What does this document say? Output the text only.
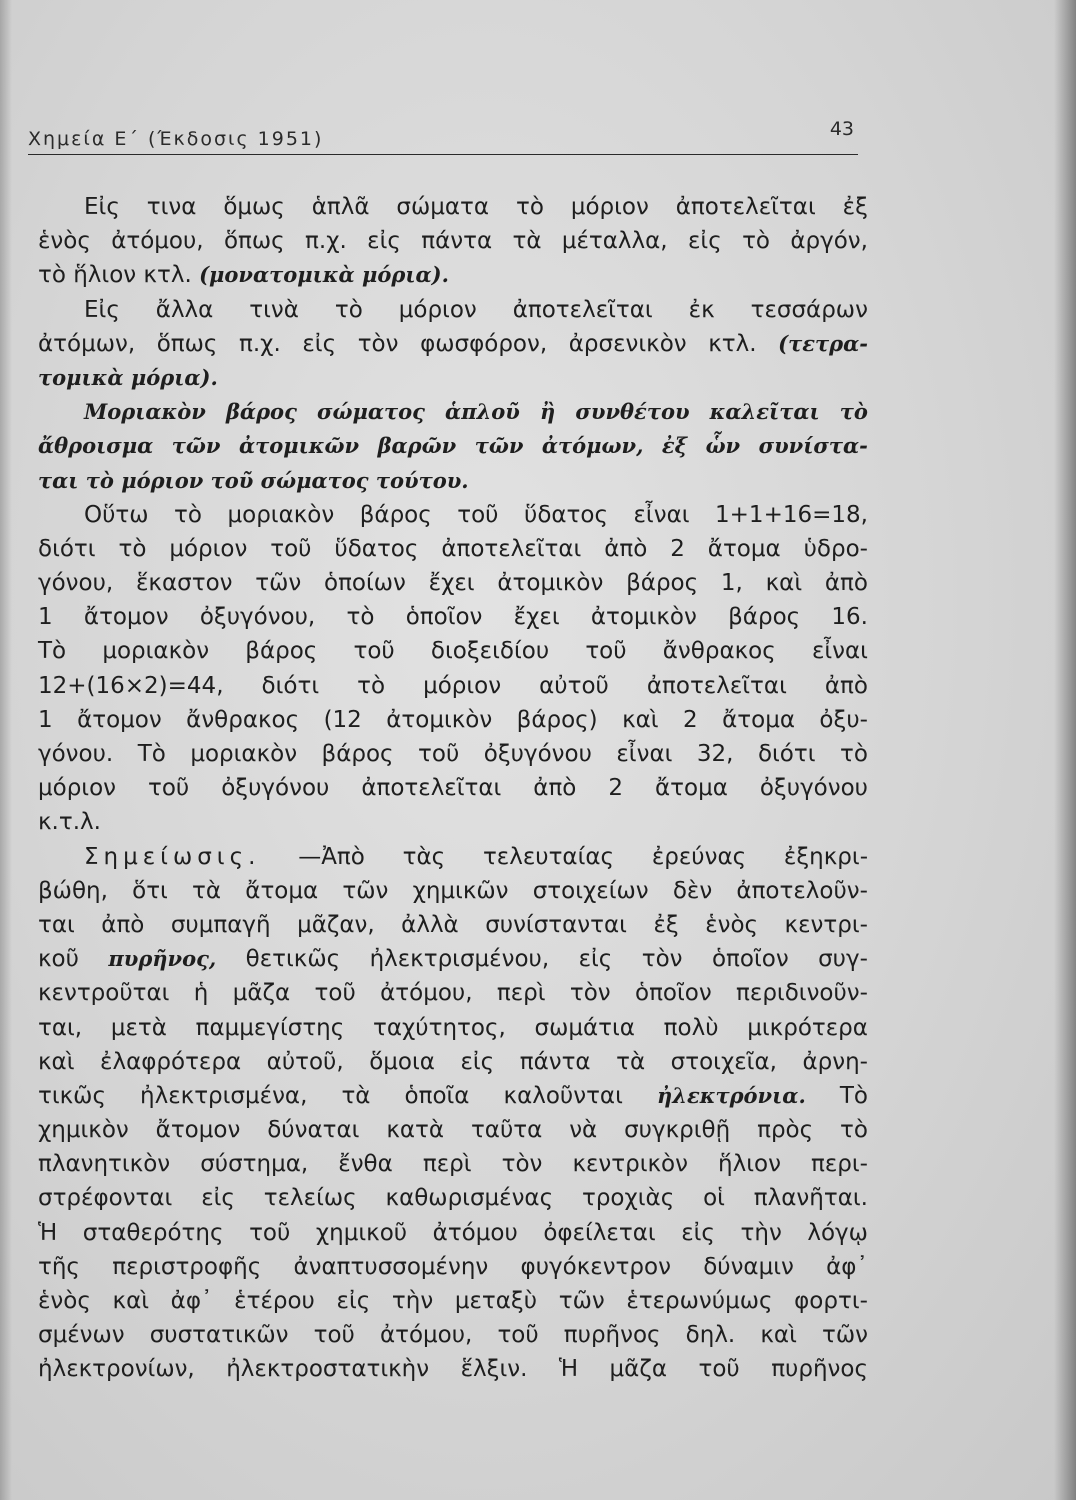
Χημεία Ε΄ (Έκδοσις 1951)	43
Εἰς τινα ὅμως ἁπλᾶ σώματα τὸ μόριον ἀποτελεῖται ἐξ
ἑνὸς ἀτόμου, ὅπως π.χ. εἰς πάντα τὰ μέταλλα, εἰς τὸ ἀργόν,
τὸ ἥλιον κτλ. (μονατομικὰ μόρια).
Εἰς ἄλλα τινὰ τὸ μόριον ἀποτελεῖται ἐκ τεσσάρων
ἀτόμων, ὅπως π.χ. εἰς τὸν φωσφόρον, ἀρσενικὸν κτλ. (τετρα-
τομικὰ μόρια).
Μοριακὸν βάρος σώματος ἁπλοῦ ἢ συνθέτου καλεῖται τὸ
ἄθροισμα τῶν ἀτομικῶν βαρῶν τῶν ἀτόμων, ἐξ ὧν συνίστα-
ται τὸ μόριον τοῦ σώματος τούτου.
Οὕτω τὸ μοριακὸν βάρος τοῦ ὕδατος εἶναι 1+1+16=18,
διότι τὸ μόριον τοῦ ὕδατος ἀποτελεῖται ἀπὸ 2 ἄτομα ὑδρο-
γόνου, ἕκαστον τῶν ὁποίων ἔχει ἀτομικὸν βάρος 1, καὶ ἀπὸ
1 ἄτομον ὀξυγόνου, τὸ ὁποῖον ἔχει ἀτομικὸν βάρος 16.
Τὸ μοριακὸν βάρος τοῦ διοξειδίου τοῦ ἄνθρακος εἶναι
12+(16×2)=44, διότι τὸ μόριον αὐτοῦ ἀποτελεῖται ἀπὸ
1 ἄτομον ἄνθρακος (12 ἀτομικὸν βάρος) καὶ 2 ἄτομα ὀξυ-
γόνου. Τὸ μοριακὸν βάρος τοῦ ὀξυγόνου εἶναι 32, διότι τὸ
μόριον τοῦ ὀξυγόνου ἀποτελεῖται ἀπὸ 2 ἄτομα ὀξυγόνου
κ.τ.λ.
Σημείωσις. —Ἀπὸ τὰς τελευταίας ἐρεύνας ἐξηκρι-
βώθη, ὅτι τὰ ἄτομα τῶν χημικῶν στοιχείων δὲν ἀποτελοῦν-
ται ἀπὸ συμπαγῆ μᾶζαν, ἀλλὰ συνίστανται ἐξ ἑνὸς κεντρι-
κοῦ πυρῆνος, θετικῶς ἠλεκτρισμένου, εἰς τὸν ὁποῖον συγ-
κεντροῦται ἡ μᾶζα τοῦ ἀτόμου, περὶ τὸν ὁποῖον περιδινοῦν-
ται, μετὰ παμμεγίστης ταχύτητος, σωμάτια πολὺ μικρότερα
καὶ ἐλαφρότερα αὐτοῦ, ὅμοια εἰς πάντα τὰ στοιχεῖα, ἀρνη-
τικῶς ἠλεκτρισμένα, τὰ ὁποῖα καλοῦνται ἠλεκτρόνια. Τὸ
χημικὸν ἄτομον δύναται κατὰ ταῦτα νὰ συγκριθῇ πρὸς τὸ
πλανητικὸν σύστημα, ἔνθα περὶ τὸν κεντρικὸν ἥλιον περι-
στρέφονται εἰς τελείως καθωρισμένας τροχιὰς οἱ πλανῆται.
Ἡ σταθερότης τοῦ χημικοῦ ἀτόμου ὀφείλεται εἰς τὴν λόγῳ
τῆς περιστροφῆς ἀναπτυσσομένην φυγόκεντρον δύναμιν ἀφ᾽
ἑνὸς καὶ ἀφ᾽ ἑτέρου εἰς τὴν μεταξὺ τῶν ἑτερωνύμως φορτι-
σμένων συστατικῶν τοῦ ἀτόμου, τοῦ πυρῆνος δηλ. καὶ τῶν
ἠλεκτρονίων, ἠλεκτροστατικὴν ἕλξιν. Ἡ μᾶζα τοῦ πυρῆνος
